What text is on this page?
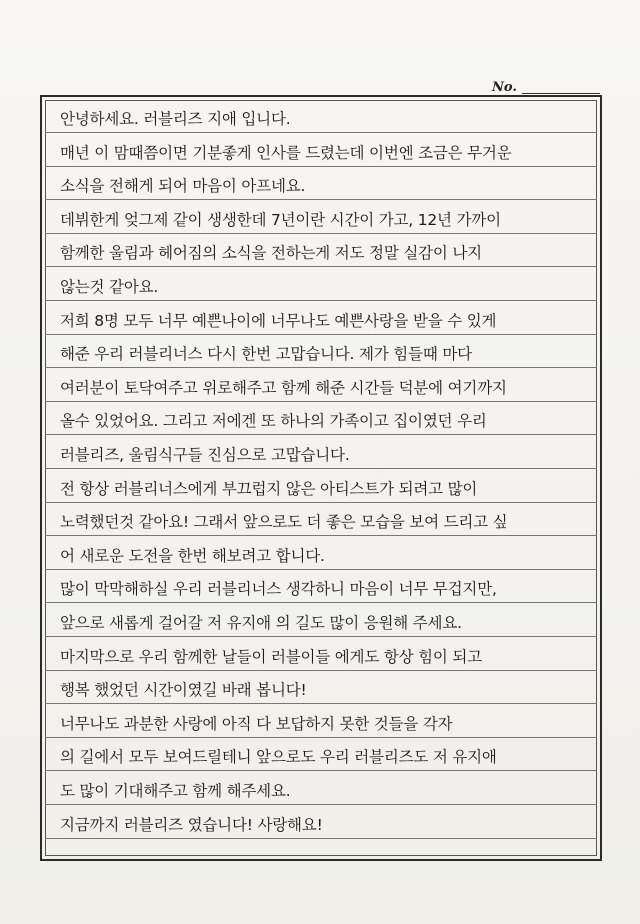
No.
안녕하세요. 러블리즈 지애 입니다.
매년 이 맘때쯤이면 기분좋게 인사를 드렸는데 이번엔 조금은 무거운
소식을 전해게 되어 마음이 아프네요.
데뷔한게 엊그제 같이 생생한데 7년이란 시간이 가고, 12년 가까이
함께한 울림과 헤어짐의 소식을 전하는게 저도 정말 실감이 나지
않는것 같아요.
저희 8명 모두 너무 예쁜나이에 너무나도 예쁜사랑을 받을 수 있게
해준 우리 러블리너스 다시 한번 고맙습니다. 제가 힘들때 마다
여러분이 토닥여주고 위로해주고 함께 해준 시간들 덕분에 여기까지
올수 있었어요. 그리고 저에겐 또 하나의 가족이고 집이였던 우리
러블리즈, 울림식구들 진심으로 고맙습니다.
전 항상 러블리너스에게 부끄럽지 않은 아티스트가 되려고 많이
노력했던것 같아요! 그래서 앞으로도 더 좋은 모습을 보여 드리고 싶
어 새로운 도전을 한번 해보려고 합니다.
많이 막막해하실 우리 러블리너스 생각하니 마음이 너무 무겁지만,
앞으로 새롭게 걸어갈 저 유지애 의 길도 많이 응원해 주세요.
마지막으로 우리 함께한 날들이 러블이들 에게도 항상 힘이 되고
행복 했었던 시간이였길 바래 봅니다!
너무나도 과분한 사랑에 아직 다 보답하지 못한 것들을 각자
의 길에서 모두 보여드릴테니 앞으로도 우리 러블리즈도 저 유지애
도 많이 기대해주고 함께 해주세요.
지금까지 러블리즈 였습니다! 사랑해요!
